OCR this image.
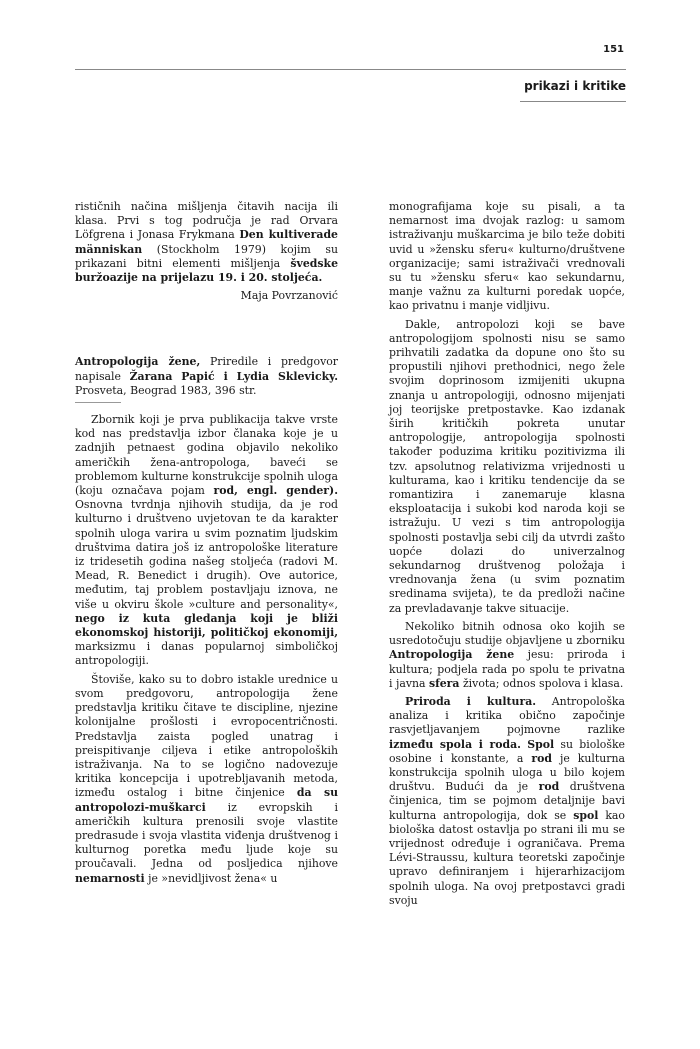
151
prikazi i kritike

rističnih načina mišljenja čitavih nacija ili klasa. Prvi s tog područja je rad Orvara Löfgrena i Jonasa Frykmana Den kultiverade människan (Stockholm 1979) kojim su prikazani bitni elementi mišljenja švedske buržoazije na prijelazu 19. i 20. stoljeća.

Maja Povrzanović

Antropologija žene, Priredile i predgovor napisale Žarana Papić i Lydia Sklevicky. Prosveta, Beograd 1983, 396 str.

Zbornik koji je prva publikacija takve vrste kod nas predstavlja izbor članaka koje je u zadnjih petnaest godina objavilo nekoliko američkih žena-antropologa, baveći se problemom kulturne konstrukcije spolnih uloga (koju označava pojam rod, engl. gender). Osnovna tvrdnja njihovih studija, da je rod kulturno i društveno uvjetovan te da karakter spolnih uloga varira u svim poznatim ljudskim društvima datira još iz antropološke literature iz tridesetih godina našeg stoljeća (radovi M. Mead, R. Benedict i drugih). Ove autorice, međutim, taj problem postavljaju iznova, ne više u okviru škole »culture and personality«, nego iz kuta gledanja koji je bliži ekonomskoj historiji, političkoj ekonomiji, marksizmu i danas popularnoj simboličkoj antropologiji.

Štoviše, kako su to dobro istakle urednice u svom predgovoru, antropologija žene predstavlja kritiku čitave te discipline, njezine kolonijalne prošlosti i evropocentričnosti. Predstavlja zaista pogled unatrag i preispitivanje ciljeva i etike antropoloških istraživanja. Na to se logično nadovezuje kritika koncepcija i upotrebljavanih metoda, između ostalog i bitne činjenice da su antropolozi-muškarci iz evropskih i američkih kultura prenosili svoje vlastite predrasude i svoja vlastita viđenja društvenog i kulturnog poretka među ljude koje su proučavali. Jedna od posljedica njihove nemarnosti je »nevidljivost žena« u

monografijama koje su pisali, a ta nemarnost ima dvojak razlog: u samom istraživanju muškarcima je bilo teže dobiti uvid u »žensku sferu« kulturno/društvene organizacije; sami istraživači vrednovali su tu »žensku sferu« kao sekundarnu, manje važnu za kulturni poredak uopće, kao privatnu i manje vidljivu.

Dakle, antropolozi koji se bave antropologijom spolnosti nisu se samo prihvatili zadatka da dopune ono što su propustili njihovi prethodnici, nego žele svojim doprinosom izmijeniti ukupna znanja u antropologiji, odnosno mijenjati joj teorijske pretpostavke. Kao izdanak širih kritičkih pokreta unutar antropologije, antropologija spolnosti također poduzima kritiku pozitivizma ili tzv. apsolutnog relativizma vrijednosti u kulturama, kao i kritiku tendencije da se romantizira i zanemaruje klasna eksploatacija i sukobi kod naroda koji se istražuju. U vezi s tim antropologija spolnosti postavlja sebi cilj da utvrdi zašto uopće dolazi do univerzalnog sekundarnog društvenog položaja i vrednovanja žena (u svim poznatim sredinama svijeta), te da predloži načine za prevladavanje takve situacije.

Nekoliko bitnih odnosa oko kojih se usredotočuju studije objavljene u zborniku Antropologija žene jesu: priroda i kultura; podjela rada po spolu te privatna i javna sfera života; odnos spolova i klasa.

Priroda i kultura. Antropološka analiza i kritika obično započinje rasvjetljavanjem pojmovne razlike između spola i roda. Spol su biološke osobine i konstante, a rod je kulturna konstrukcija spolnih uloga u bilo kojem društvu. Budući da je rod društvena činjenica, tim se pojmom detaljnije bavi kulturna antropologija, dok se spol kao biološka datost ostavlja po strani ili mu se vrijednost određuje i ograničava. Prema Lévi-Straussu, kultura teoretski započinje upravo definiranjem i hijerarhizacijom spolnih uloga. Na ovoj pretpostavci gradi svoju
